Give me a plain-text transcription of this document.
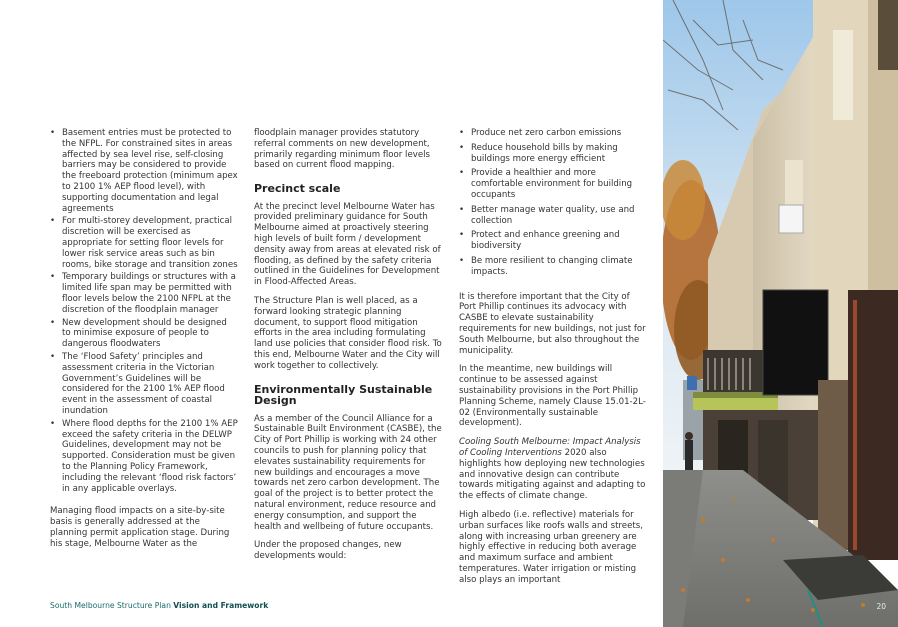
• Basement entries must be protected to the NFPL. For constrained sites in areas affected by sea level rise, self-closing barriers may be considered to provide the freeboard protection (minimum apex to 2100 1% AEP flood level), with supporting documentation and legal agreements
• For multi-storey development, practical discretion will be exercised as appropriate for setting floor levels for lower risk service areas such as bin rooms, bike storage and transition zones
• Temporary buildings or structures with a limited life span may be permitted with floor levels below the 2100 NFPL at the discretion of the floodplain manager
• New development should be designed to minimise exposure of people to dangerous floodwaters
• The ‘Flood Safety’ principles and assessment criteria in the Victorian Government’s Guidelines will be considered for the 2100 1% AEP flood event in the assessment of coastal inundation
• Where flood depths for the 2100 1% AEP exceed the safety criteria in the DELWP Guidelines, development may not be supported. Consideration must be given to the Planning Policy Framework, including the relevant ‘flood risk factors’ in any applicable overlays.

Managing flood impacts on a site-by-site basis is generally addressed at the planning permit application stage. During his stage, Melbourne Water as the

floodplain manager provides statutory referral comments on new development, primarily regarding minimum floor levels based on current flood mapping.

Precinct scale

At the precinct level Melbourne Water has provided preliminary guidance for South Melbourne aimed at proactively steering high levels of built form / development density away from areas at elevated risk of flooding, as defined by the safety criteria outlined in the Guidelines for Development in Flood-Affected Areas.

The Structure Plan is well placed, as a forward looking strategic planning document, to support flood mitigation efforts in the area including formulating land use policies that consider flood risk. To this end, Melbourne Water and the City will work together to collectively.

Environmentally Sustainable Design

As a member of the Council Alliance for a Sustainable Built Environment (CASBE), the City of Port Phillip is working with 24 other councils to push for planning policy that elevates sustainability requirements for new buildings and encourages a move towards net zero carbon development. The goal of the project is to better protect the natural environment, reduce resource and energy consumption, and support the health and wellbeing of future occupants.

Under the proposed changes, new developments would:

• Produce net zero carbon emissions
• Reduce household bills by making buildings more energy efficient
• Provide a healthier and more comfortable environment for building occupants
• Better manage water quality, use and collection
• Protect and enhance greening and biodiversity
• Be more resilient to changing climate impacts.

It is therefore important that the City of Port Phillip continues its advocacy with CASBE to elevate sustainability requirements for new buildings, not just for South Melbourne, but also throughout the municipality.

In the meantime, new buildings will continue to be assessed against sustainability provisions in the Port Phillip Planning Scheme, namely Clause 15.01-2L-02 (Environmentally sustainable development).

Cooling South Melbourne: Impact Analysis of Cooling Interventions 2020 also highlights how deploying new technologies and innovative design can contribute towards mitigating against and adapting to the effects of climate change.

High albedo (i.e. reflective) materials for urban surfaces like roofs walls and streets, along with increasing urban greenery are highly effective in reducing both average and maximum surface and ambient temperatures. Water irrigation or misting also plays an important

South Melbourne Structure Plan Vision and Framework	20
